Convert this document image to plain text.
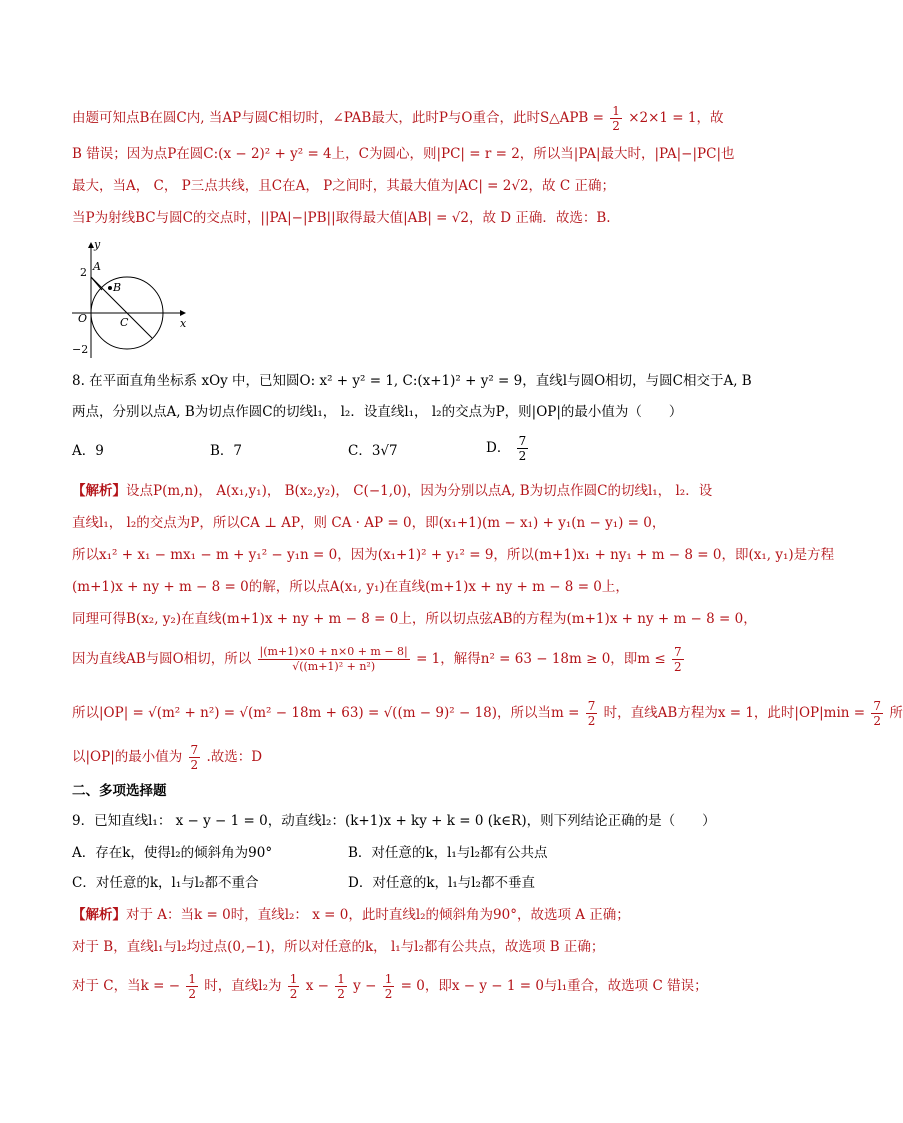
由题可知点B在圆C内, 当AP与圆C相切时，∠PAB最大，此时P与O重合，此时S△APB = $\frac{1}{2} \times 2\times 1 = 1$，故
B 错误；因为点P在圆C:(x − 2)² + y² = 4上，C为圆心，则|PC| = r = 2，所以当|PA|最大时，|PA|−|PC|也
最大，当A， C， P三点共线，且C在A， P之间时，其最大值为|AC| = 2√2，故 C 正确；
当P为射线BC与圆C的交点时，||PA|−|PB||取得最大值|AB| = √2，故 D 正确．故选：B.
y
x
A
B
C
O
2
−2
8. 在平面直角坐标系 xOy 中，已知圆O: x² + y² = 1, C:(x+1)² + y² = 9，直线l与圆O相切，与圆C相交于A, B
两点，分别以点A, B为切点作圆C的切线l₁， l₂．设直线l₁， l₂的交点为P，则|OP|的最小值为（　　）
A．9	B．7	C．3√7	D． $\frac{7}{2}$
【解析】设点P(m,n)， A(x₁,y₁)， B(x₂,y₂)， C(−1,0)，因为分别以点A, B为切点作圆C的切线l₁， l₂．设
直线l₁， l₂的交点为P，所以CA ⊥ AP，则 CA · AP = 0，即(x₁+1)(m − x₁) + y₁(n − y₁) = 0，
所以x₁² + x₁ − mx₁ − m + y₁² − y₁n = 0，因为(x₁+1)² + y₁² = 9，所以(m+1)x₁ + ny₁ + m − 8 = 0，即(x₁, y₁)是方程
(m+1)x + ny + m − 8 = 0的解，所以点A(x₁, y₁)在直线(m+1)x + ny + m − 8 = 0上，
同理可得B(x₂, y₂)在直线(m+1)x + ny + m − 8 = 0上，所以切点弦AB的方程为(m+1)x + ny + m − 8 = 0，
因为直线AB与圆O相切，所以 $\frac{|(m+1)\times 0 + n\times 0 + m - 8|}{\text{√((m+1)² + n²)}} = 1$，解得n² = 63 − 18m ≥ 0，即$m \le \frac{7}{2}$
所以|OP| = √(m² + n²) = √(m² − 18m + 63) = √((m − 9)² − 18)，所以当$m = \frac{7}{2}$ 时，直线AB方程为x = 1，此时$|OP|\min = \frac{7}{2}$ 所
以|OP|的最小值为 $\frac{7}{2}$ .故选：D
二、多项选择题
9．已知直线l₁： x − y − 1 = 0，动直线l₂：(k+1)x + ky + k = 0 (k∈R)，则下列结论正确的是（　　）
A．存在k，使得l₂的倾斜角为90°	B．对任意的k，l₁与l₂都有公共点
C．对任意的k，l₁与l₂都不重合	D．对任意的k，l₁与l₂都不垂直
【解析】对于 A：当k = 0时，直线l₂： x = 0，此时直线l₂的倾斜角为90°，故选项 A 正确；
对于 B，直线l₁与l₂均过点(0,−1)，所以对任意的k， l₁与l₂都有公共点，故选项 B 正确；
对于 C，当k = − $\frac{1}{2}$ 时，直线l₂为 $\frac{1}{2}$ $x - \frac{1}{2}$ $y - \frac{1}{2} = 0$，即x − y − 1 = 0与l₁重合，故选项 C 错误；
